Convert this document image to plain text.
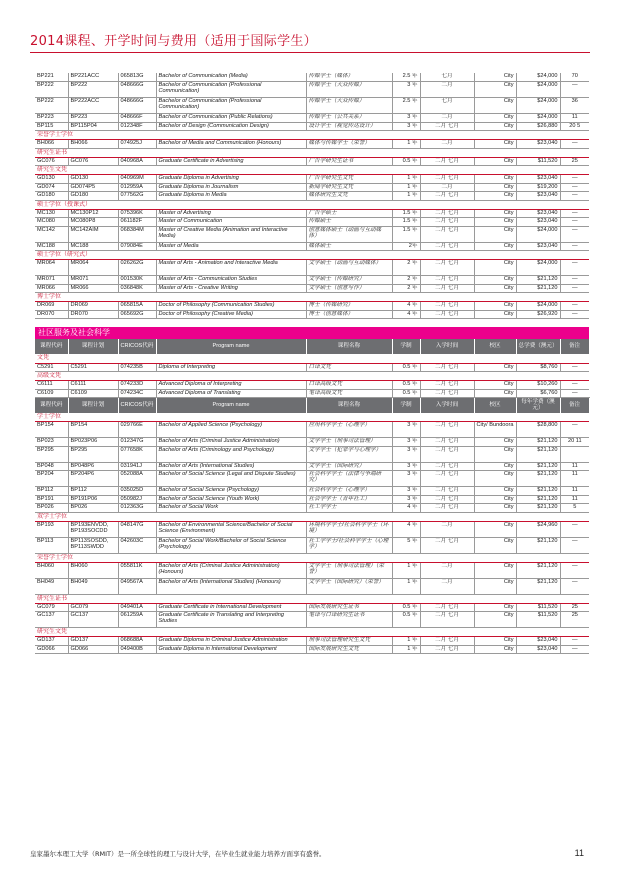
2014课程、开学时间与费用（适用于国际学生）
BP221	BP221ACC	065813G	Bachelor of Communication (Media)	传媒学士（媒体）	2.5 年	七月	City	$24,000	70
BP222	BP222	048666G	Bachelor of Communication (Professional Communication)	传媒学士（大众传媒）	3 年	二月	City	$24,000	—
BP222	BP222ACC	048666G	Bachelor of Communication (Professional Communication)	传媒学士（大众传媒）	2.5 年	七月	City	$24,000	36
BP223	BP223	048666F	Bachelor of Communication (Public Relations)	传媒学士（公共关系）	3 年	二月	City	$24,000	11
BP115	BP115P04	012348F	Bachelor of Design (Communication Design)	设计学士（视觉传达设计）	3 年	二月 七月	City	$26,880	20 5
荣誉学士学位									
BH066	BH066	074925J	Bachelor of Media and Communication (Honours)	媒体与传媒学士（荣誉）	1 年	二月	City	$23,040	—
研究生证书									
GC076	GC076	040968A	Graduate Certificate in Advertising	广告学研究生证书	0.5 年	二月 七月	City	$11,520	25
研究生文凭									
GD130	GD130	040969M	Graduate Diploma in Advertising	广告学研究生文凭	1 年	二月 七月	City	$23,040	—
GD074	GD074P5	012959A	Graduate Diploma in Journalism	新闻学研究生文凭	1 年	二月	City	$19,200	—
GD180	GD180	077562G	Graduate Diploma in Media	媒体研究生文凭	1 年	二月 七月	City	$23,040	—
硕士学位（授课式）									
MC130	MC130P12	075396K	Master of Advertising	广告学硕士	1.5 年	二月 七月	City	$23,040	—
MC080	MC080P8	061182F	Master of Communication	传媒硕士	1.5 年	二月 七月	City	$23,040	—
MC142	MC142AIM	068384M	Master of Creative Media (Animation and Interactive Media)	创意媒体硕士（动画与互动媒体）	1.5 年	二月 七月	City	$24,000	—
MC188	MC188	079084E	Master of Media	媒体硕士	2年	二月 七月	City	$23,040	—
硕士学位（研究式）									
MR064	MR064	026262G	Master of Arts - Animation and Interactive Media	文学硕士（动画与互动媒体）	2 年	二月 七月	City	$24,000	—
MR071	MR071	001530K	Master of Arts - Communication Studies	文学硕士（传媒研究）	2 年	二月 七月	City	$21,120	—
MR066	MR066	036848K	Master of Arts - Creative Writing	文学硕士（创意写作）	2 年	二月 七月	City	$21,120	—
博士学位									
DR069	DR069	065815A	Doctor of Philosophy (Communication Studies)	博士（传媒研究）	4 年	二月 七月	City	$24,000	—
DR070	DR070	065692G	Doctor of Philosophy (Creative Media)	博士（创意媒体）	4 年	二月 七月	City	$26,920	—
社区服务及社会科学									
课程代码	课程计划	CRICOS代码	Program name	课程名称	学制	入学时间	校区	总学费（澳元）	备注
文凭									
C5291	C5291	074235B	Diploma of Interpreting	口译文凭	0.5 年	二月 七月	City	$8,760	—
高级文凭									
C6111	C6111	074233D	Advanced Diploma of Interpreting	口译高级文凭	0.5 年	二月 七月	City	$10,260	—
C6109	C6109	074234C	Advanced Diploma of Translating	笔译高级文凭	0.5 年	二月 七月	City	$6,760	—
课程代码	课程计划	CRICOS代码	Program name	课程名称	学制	入学时间	校区	每年学费（澳元）	备注
学士学位									
BP154	BP154	029766E	Bachelor of Applied Science (Psychology)	应用科学学士（心理学）	3 年	二月 七月	City/ Bundoora	$28,800	—
BP023	BP023P06	012347G	Bachelor of Arts (Criminal Justice Administration)	文学学士（刑事司法管理）	3 年	二月 七月	City	$21,120	20 11
BP295	BP295	077658K	Bachelor of Arts (Criminology and Psychology)	文学学士（犯罪学与心理学）	3 年	二月 七月	City	$21,120	
BP048	BP048P6	031941J	Bachelor of Arts (International Studies)	文学学士（国际研究）	3 年	二月 七月	City	$21,120	11
BP204	BP204P6	052088A	Bachelor of Social Science (Legal and Dispute Studies)	社会科学学士（法律与争端研究）	3 年	二月 七月	City	$21,120	11
BP112	BP112	035025D	Bachelor of Social Science (Psychology)	社会科学学士（心理学）	3 年	二月 七月	City	$21,120	11
BP191	BP191P06	050982J	Bachelor of Social Science (Youth Work)	社会学学士（青年社工）	3 年	二月 七月	City	$21,120	11
BP026	BP026	012363G	Bachelor of Social Work	社工学学士	4 年	二月 七月	City	$21,120	5
双学士学位									
BP193	BP193ENVDD, BP193SOCDD	048147G	Bachelor of Environmental Science/Bachelor of Social Science (Environment)	环境科学学士/社会科学学士（环境）	4 年	二月	City	$24,960	—
BP113	BP113SOSDD, BP113SWDD	042603C	Bachelor of Social Work/Bachelor of Social Science (Psychology)	社工学学士/社会科学学士（心理学）	5 年	二月 七月	City	$21,120	—
荣誉学士学位									
BH060	BH060	055811K	Bachelor of Arts (Criminal Justice Administration) (Honours)	文学学士（刑事司法管理）（荣誉）	1 年	二月	City	$21,120	—
BH049	BH049	049567A	Bachelor of Arts (International Studies) (Honours)	文学学士（国际研究）（荣誉）	1 年	二月	City	$21,120	—
研究生证书									
GC079	GC079	049401A	Graduate Certificate in International Development	国际发展研究生证书	0.5 年	二月 七月	City	$11,520	25
GC137	GC137	061259A	Graduate Certificate in Translating and Interpreting Studies	笔译与口译研究生证书	0.5 年	二月 七月	City	$11,520	25
研究生文凭									
GD137	GD137	068688A	Graduate Diploma in Criminal Justice Administration	刑事司法管理研究生文凭	1 年	二月 七月	City	$23,040	—
GD066	GD066	049400B	Graduate Diploma in International Development	国际发展研究生文凭	1 年	二月 七月	City	$23,040	—
皇家墨尔本理工大学（RMIT）是一所全球性的理工与设计大学，在毕业生就业能力培养方面享有盛誉。	11
